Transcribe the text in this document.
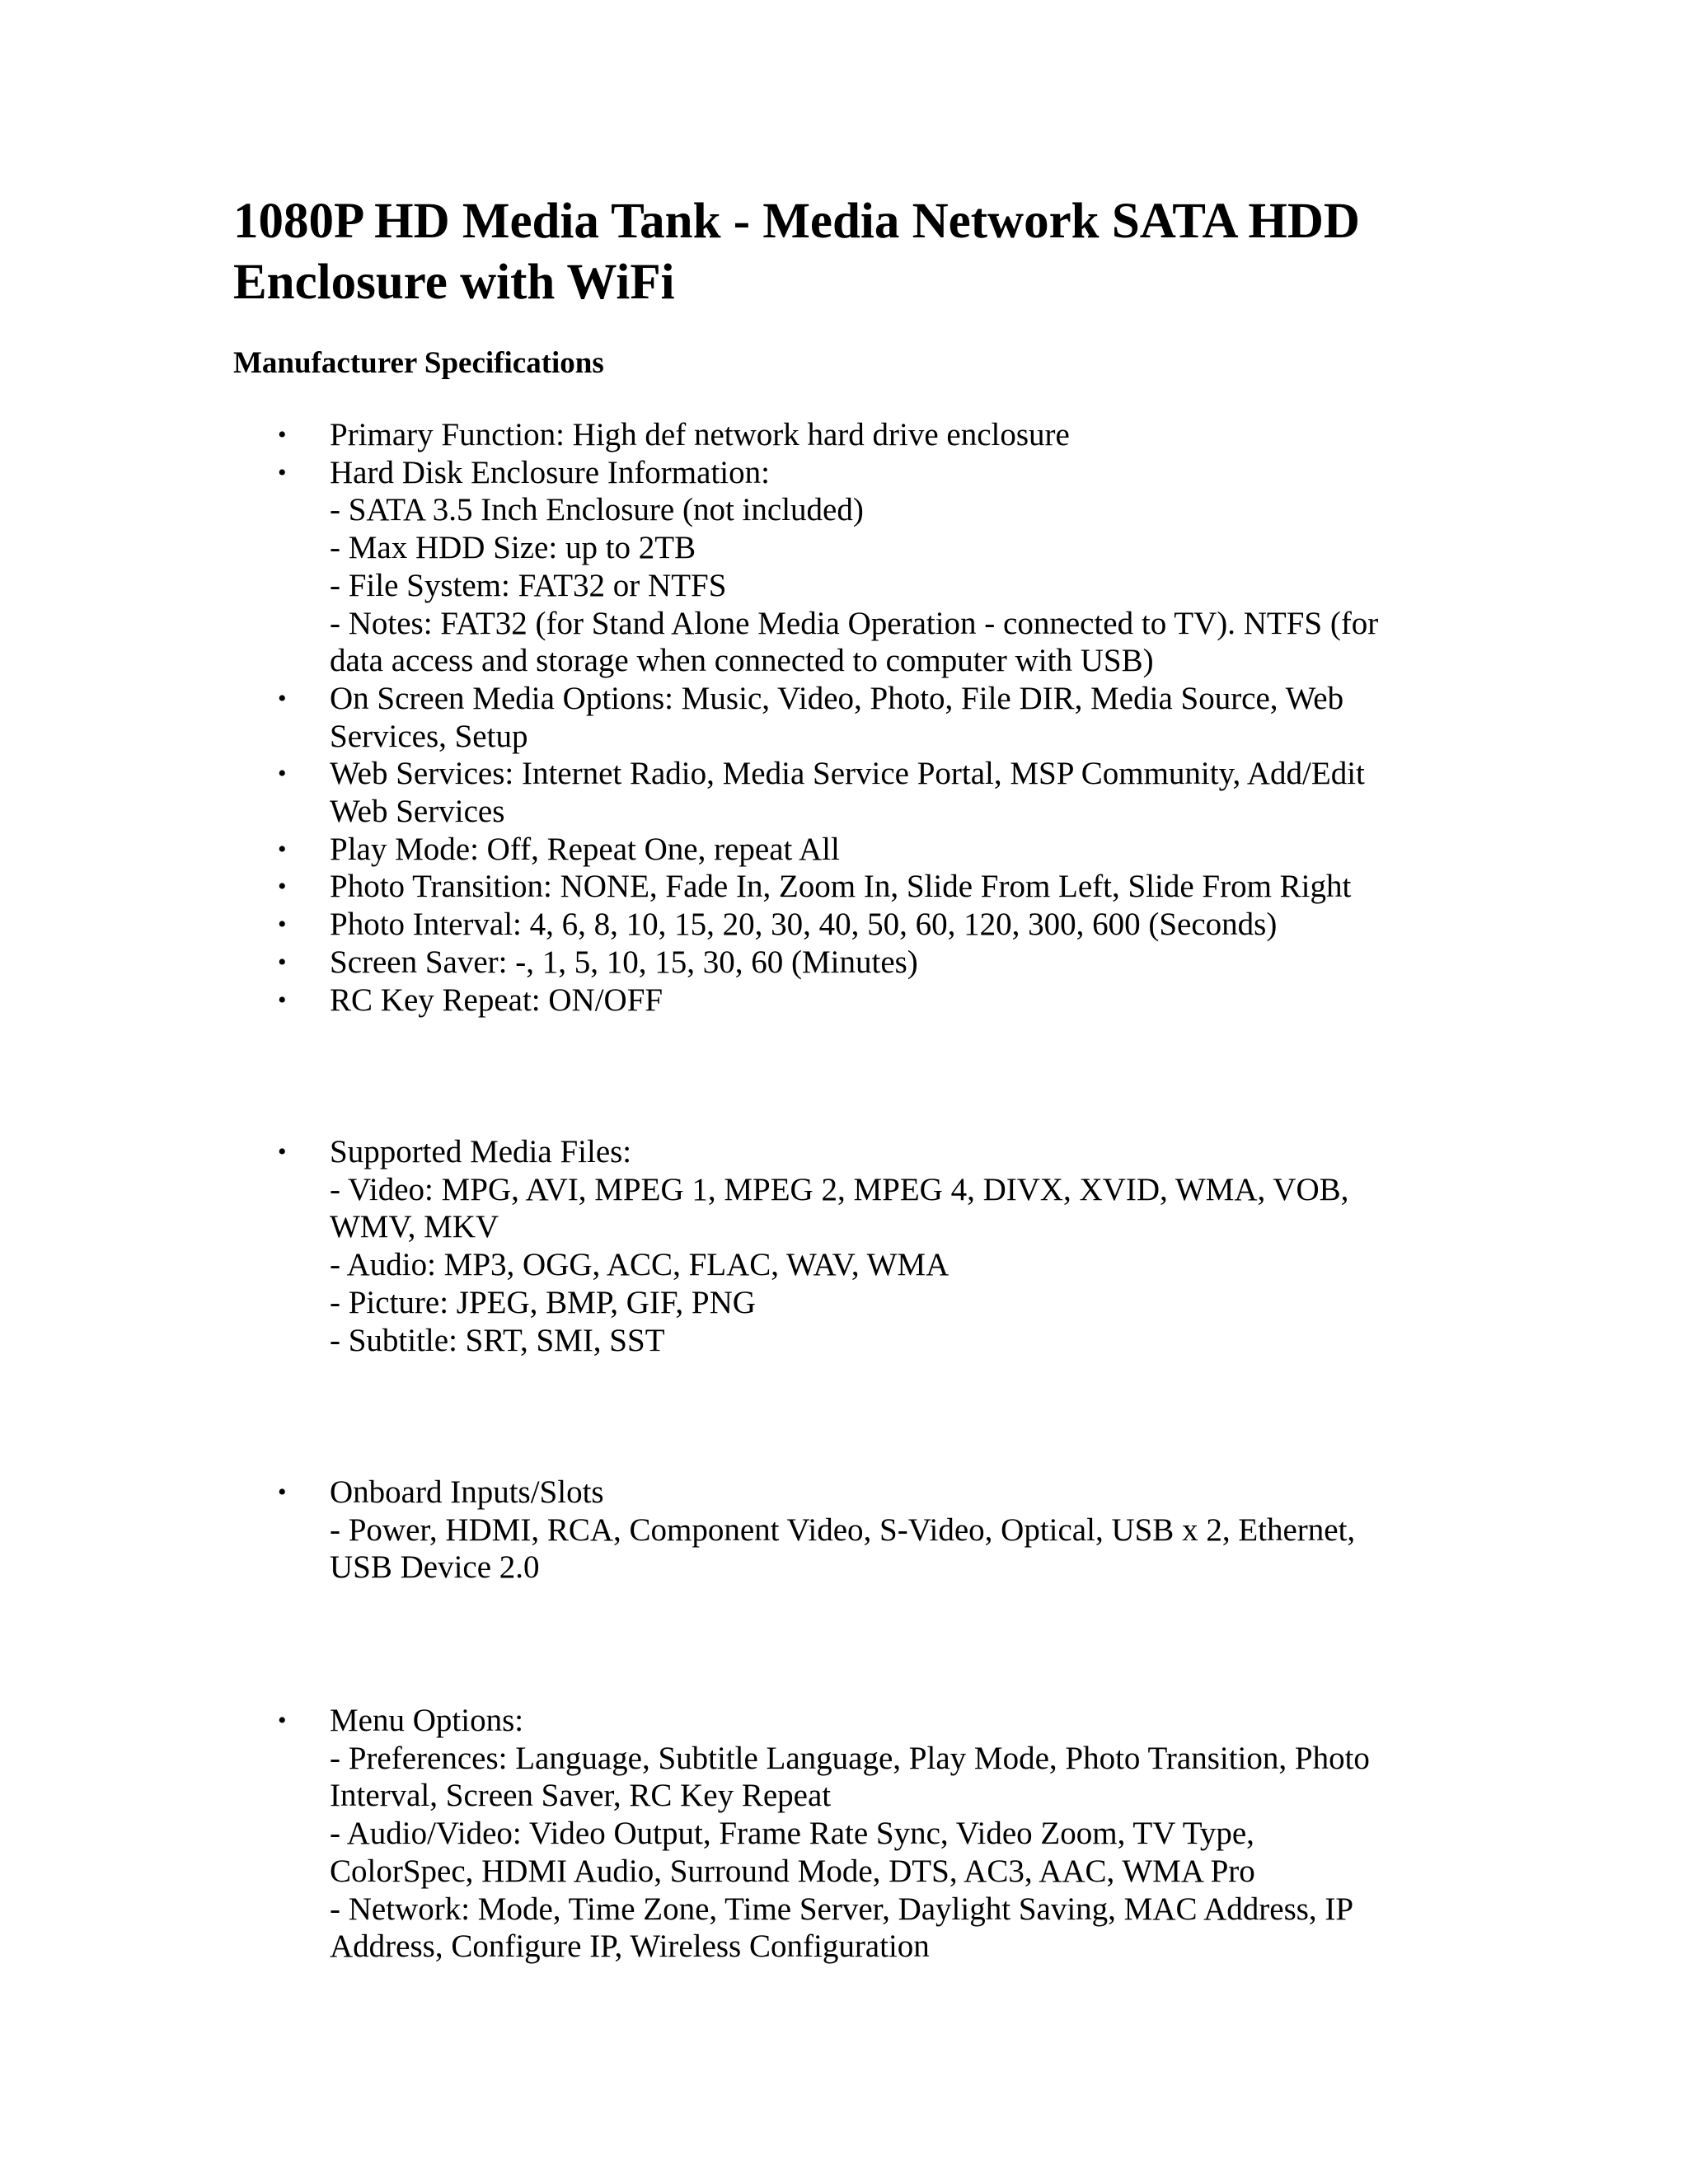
1080P HD Media Tank - Media Network SATA HDD
Enclosure with WiFi
Manufacturer Specifications
• Primary Function: High def network hard drive enclosure
• Hard Disk Enclosure Information:
- SATA 3.5 Inch Enclosure (not included)
- Max HDD Size: up to 2TB
- File System: FAT32 or NTFS
- Notes: FAT32 (for Stand Alone Media Operation - connected to TV). NTFS (for
data access and storage when connected to computer with USB)
• On Screen Media Options: Music, Video, Photo, File DIR, Media Source, Web
Services, Setup
• Web Services: Internet Radio, Media Service Portal, MSP Community, Add/Edit
Web Services
• Play Mode: Off, Repeat One, repeat All
• Photo Transition: NONE, Fade In, Zoom In, Slide From Left, Slide From Right
• Photo Interval: 4, 6, 8, 10, 15, 20, 30, 40, 50, 60, 120, 300, 600 (Seconds)
• Screen Saver: -, 1, 5, 10, 15, 30, 60 (Minutes)
• RC Key Repeat: ON/OFF
• Supported Media Files:
- Video: MPG, AVI, MPEG 1, MPEG 2, MPEG 4, DIVX, XVID, WMA, VOB,
WMV, MKV
- Audio: MP3, OGG, ACC, FLAC, WAV, WMA
- Picture: JPEG, BMP, GIF, PNG
- Subtitle: SRT, SMI, SST
• Onboard Inputs/Slots
- Power, HDMI, RCA, Component Video, S-Video, Optical, USB x 2, Ethernet,
USB Device 2.0
• Menu Options:
- Preferences: Language, Subtitle Language, Play Mode, Photo Transition, Photo
Interval, Screen Saver, RC Key Repeat
- Audio/Video: Video Output, Frame Rate Sync, Video Zoom, TV Type,
ColorSpec, HDMI Audio, Surround Mode, DTS, AC3, AAC, WMA Pro
- Network: Mode, Time Zone, Time Server, Daylight Saving, MAC Address, IP
Address, Configure IP, Wireless Configuration
